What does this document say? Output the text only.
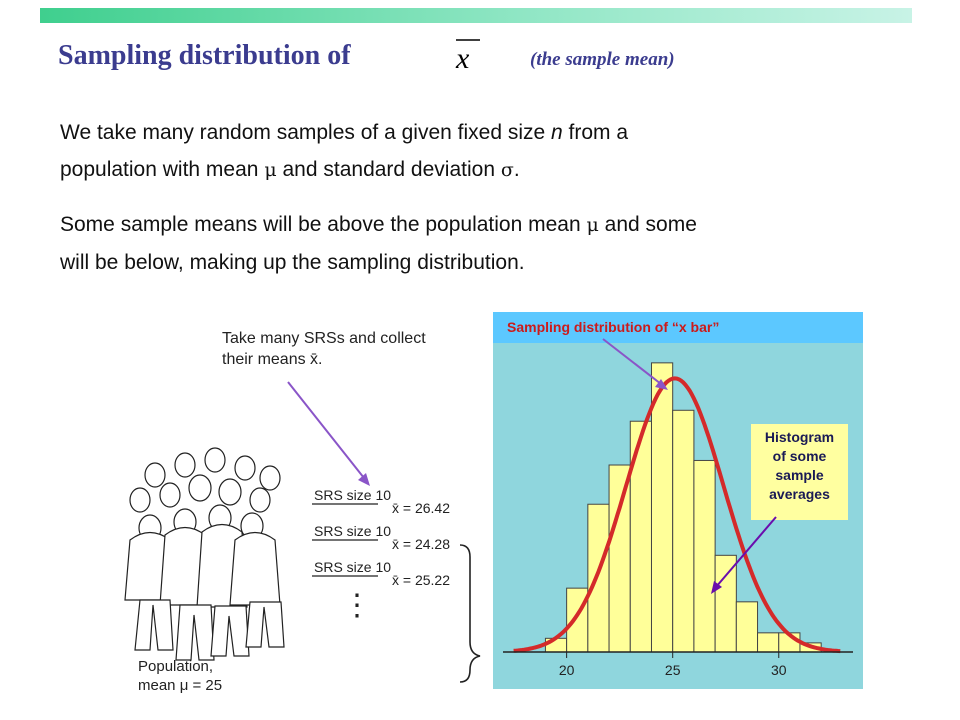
Sampling distribution of	x	(the sample mean)
We take many random samples of a given fixed size n from a
population with mean μ and standard deviation σ.
Some sample means will be above the population mean μ and some
will be below, making up the sampling distribution.
Take many SRSs and collect
their means x̄.
SRS size 10
x̄ = 26.42
SRS size 10
x̄ = 24.28
SRS size 10
x̄ = 25.22
⋮
Population,
mean μ = 25
Sampling distribution of “x bar”
20	25	30
Histogram
of some
sample
averages
